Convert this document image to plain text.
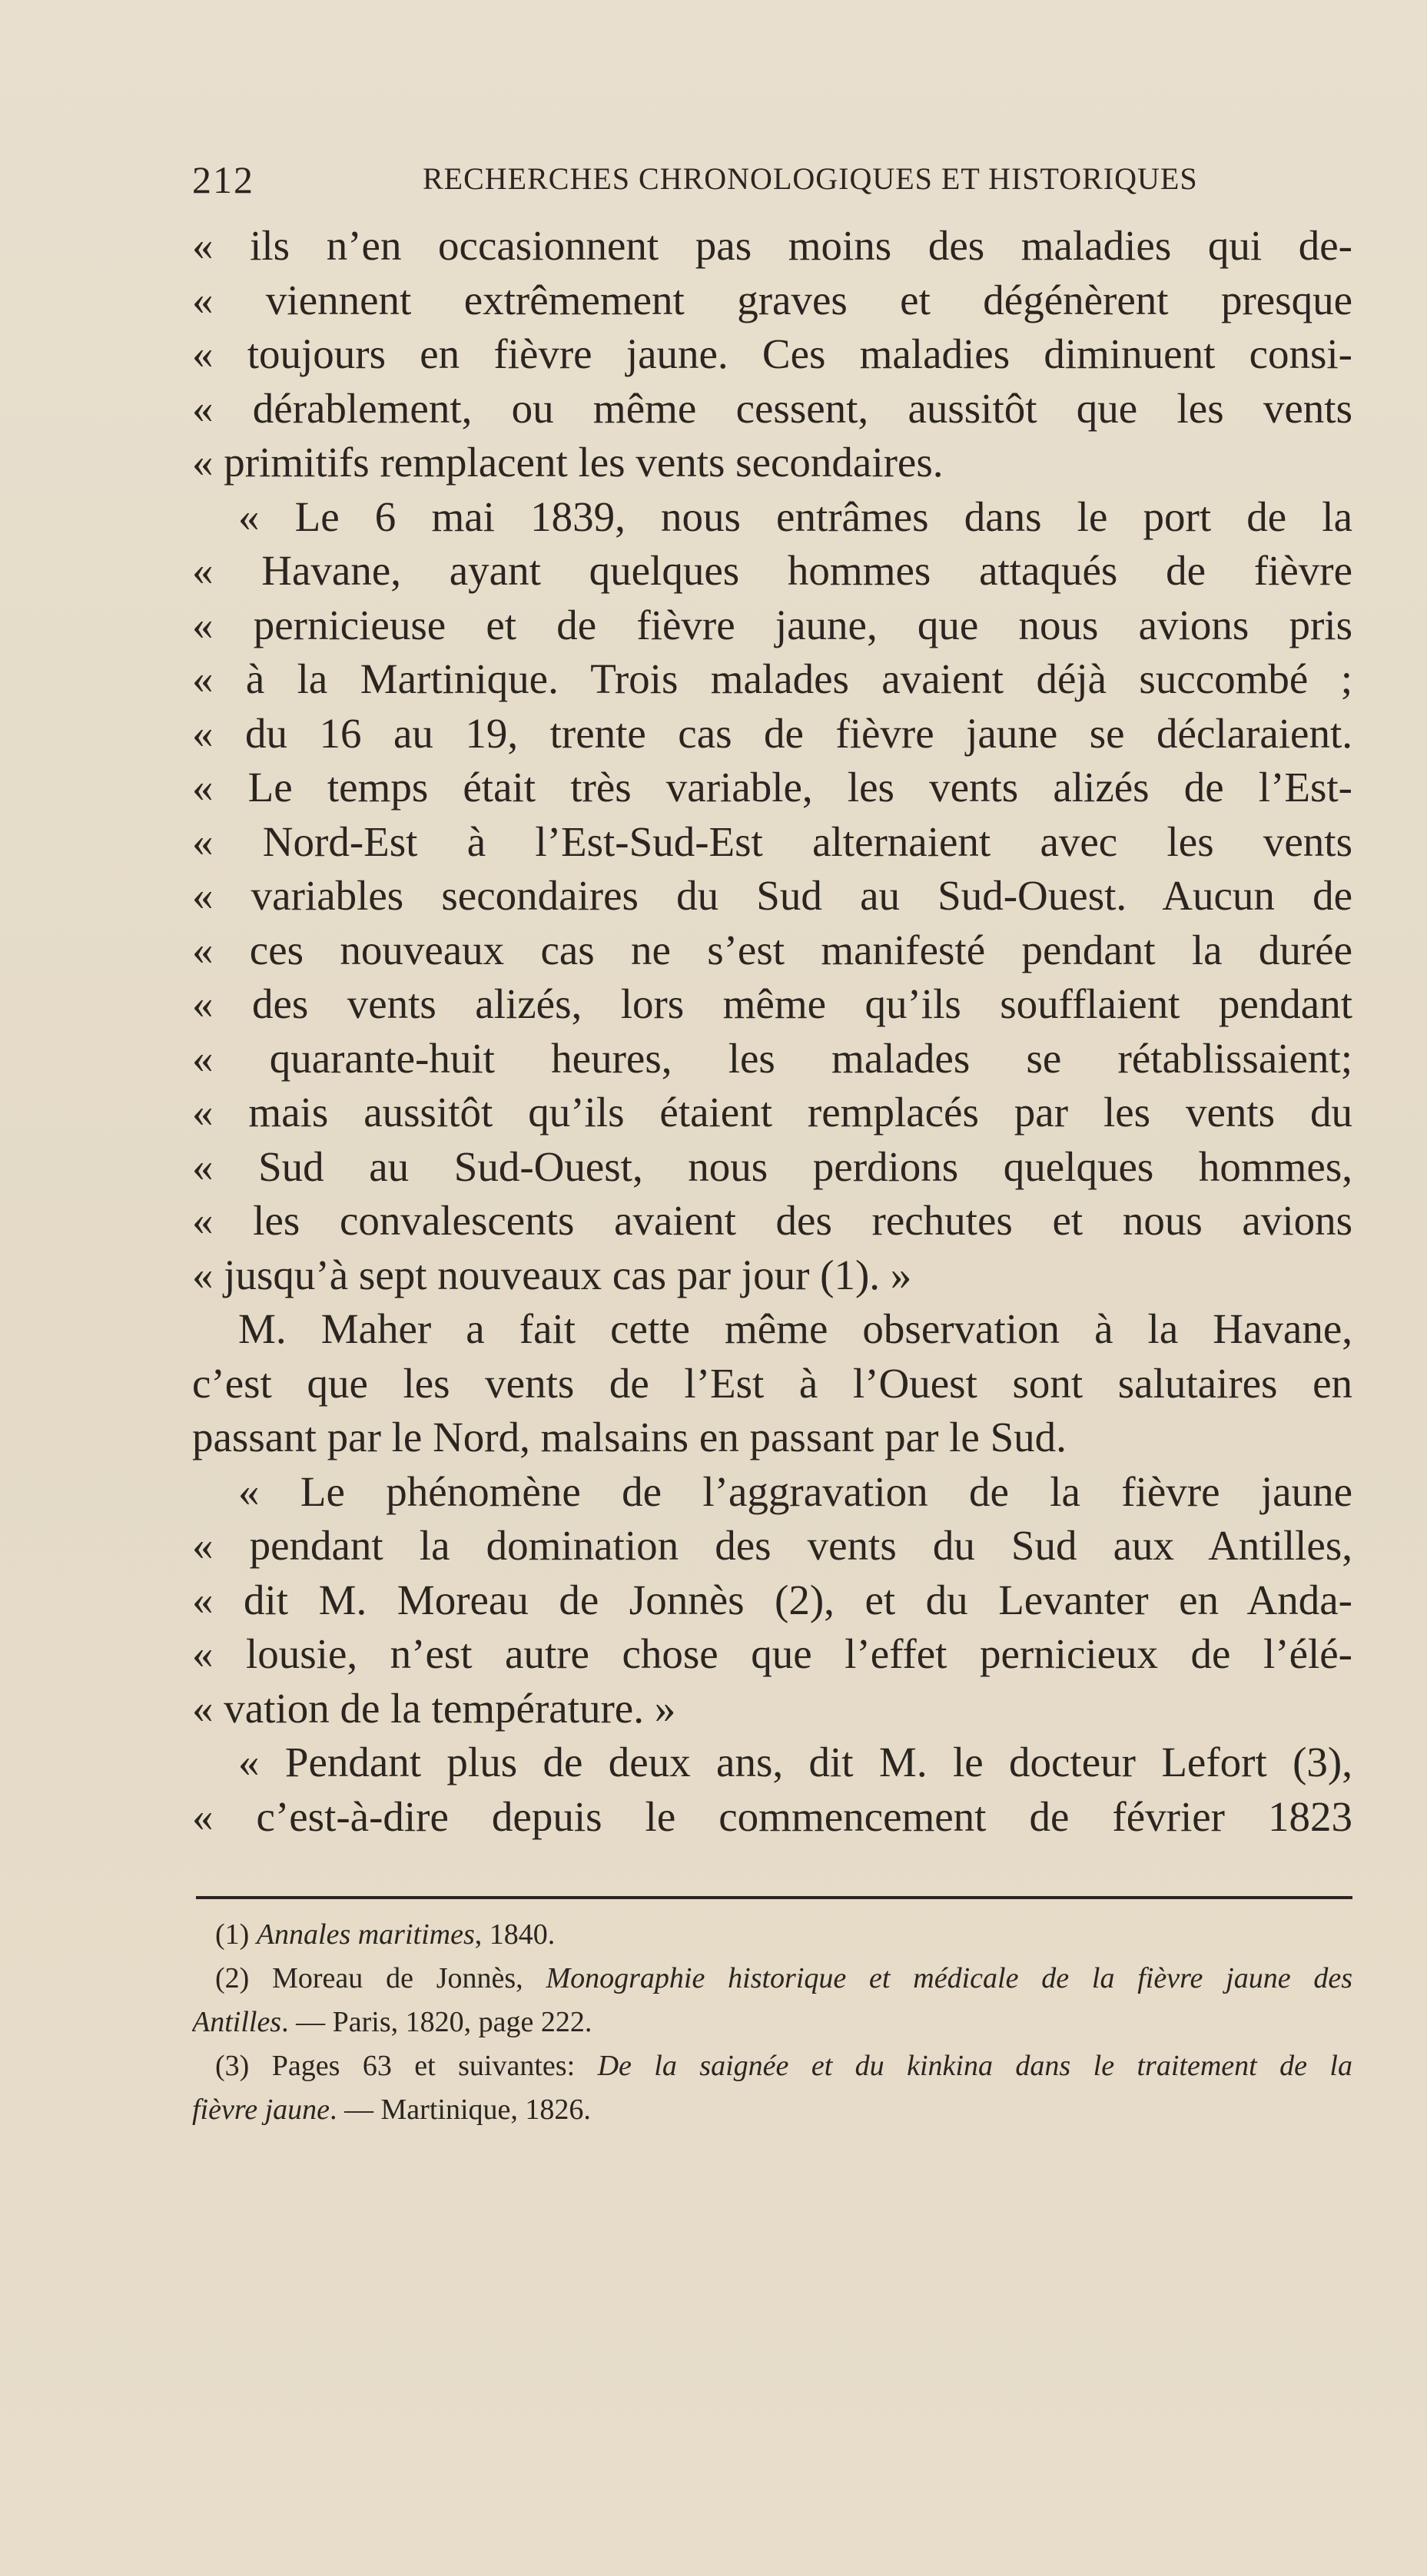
212	RECHERCHES CHRONOLOGIQUES ET HISTORIQUES
« ils n’en occasionnent pas moins des maladies qui de-
« viennent extrêmement graves et dégénèrent presque
« toujours en fièvre jaune. Ces maladies diminuent consi-
« dérablement, ou même cessent, aussitôt que les vents
« primitifs remplacent les vents secondaires.
« Le 6 mai 1839, nous entrâmes dans le port de la
« Havane, ayant quelques hommes attaqués de fièvre
« pernicieuse et de fièvre jaune, que nous avions pris
« à la Martinique. Trois malades avaient déjà succombé ;
« du 16 au 19, trente cas de fièvre jaune se déclaraient.
« Le temps était très variable, les vents alizés de l’Est-
« Nord-Est à l’Est-Sud-Est alternaient avec les vents
« variables secondaires du Sud au Sud-Ouest. Aucun de
« ces nouveaux cas ne s’est manifesté pendant la durée
« des vents alizés, lors même qu’ils soufflaient pendant
« quarante-huit heures, les malades se rétablissaient;
« mais aussitôt qu’ils étaient remplacés par les vents du
« Sud au Sud-Ouest, nous perdions quelques hommes,
« les convalescents avaient des rechutes et nous avions
« jusqu’à sept nouveaux cas par jour (1). »
M. Maher a fait cette même observation à la Havane,
c’est que les vents de l’Est à l’Ouest sont salutaires en
passant par le Nord, malsains en passant par le Sud.
« Le phénomène de l’aggravation de la fièvre jaune
« pendant la domination des vents du Sud aux Antilles,
« dit M. Moreau de Jonnès (2), et du Levanter en Anda-
« lousie, n’est autre chose que l’effet pernicieux de l’élé-
« vation de la température. »
« Pendant plus de deux ans, dit M. le docteur Lefort (3),
« c’est-à-dire depuis le commencement de février 1823
(1) Annales maritimes, 1840.
(2) Moreau de Jonnès, Monographie historique et médicale de la fièvre jaune des
Antilles. — Paris, 1820, page 222.
(3) Pages 63 et suivantes: De la saignée et du kinkina dans le traitement de la
fièvre jaune. — Martinique, 1826.
